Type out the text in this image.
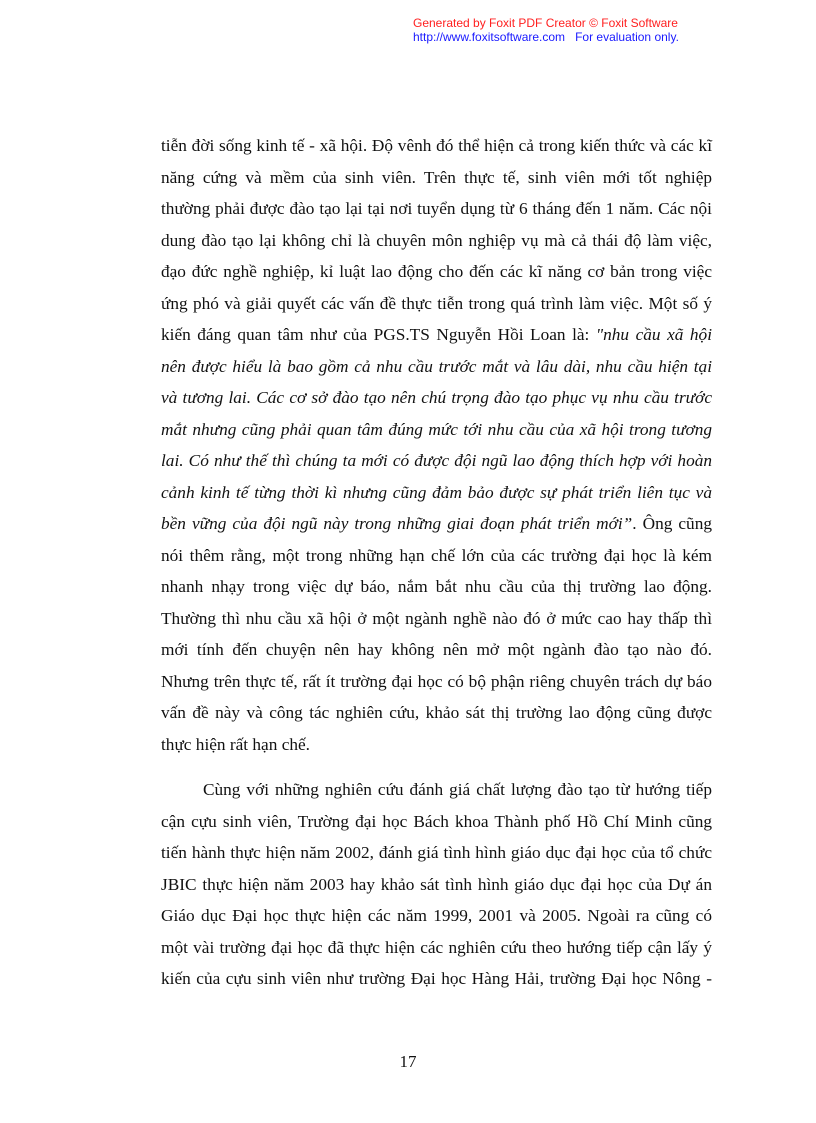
Generated by Foxit PDF Creator © Foxit Software
http://www.foxitsoftware.com For evaluation only.
tiễn đời sống kinh tế - xã hội. Độ vênh đó thể hiện cả trong kiến thức và các kĩ
năng cứng và mềm của sinh viên. Trên thực tế, sinh viên mới tốt nghiệp
thường phải được đào tạo lại tại nơi tuyển dụng từ 6 tháng đến 1 năm. Các nội
dung đào tạo lại không chỉ là chuyên môn nghiệp vụ mà cả thái độ làm việc,
đạo đức nghề nghiệp, kỉ luật lao động cho đến các kĩ năng cơ bản trong việc
ứng phó và giải quyết các vấn đề thực tiễn trong quá trình làm việc. Một số ý
kiến đáng quan tâm như của PGS.TS Nguyễn Hồi Loan là: "nhu cầu xã hội
nên được hiểu là bao gồm cả nhu cầu trước mắt và lâu dài, nhu cầu hiện tại
và tương lai. Các cơ sở đào tạo nên chú trọng đào tạo phục vụ nhu cầu trước
mắt nhưng cũng phải quan tâm đúng mức tới nhu cầu của xã hội trong tương
lai. Có như thế thì chúng ta mới có được đội ngũ lao động thích hợp với hoàn
cảnh kinh tế từng thời kì nhưng cũng đảm bảo được sự phát triển liên tục và
bền vững của đội ngũ này trong những giai đoạn phát triển mới”. Ông cũng
nói thêm rằng, một trong những hạn chế lớn của các trường đại học là kém
nhanh nhạy trong việc dự báo, nắm bắt nhu cầu của thị trường lao động.
Thường thì nhu cầu xã hội ở một ngành nghề nào đó ở mức cao hay thấp thì
mới tính đến chuyện nên hay không nên mở một ngành đào tạo nào đó.
Nhưng trên thực tế, rất ít trường đại học có bộ phận riêng chuyên trách dự báo
vấn đề này và công tác nghiên cứu, khảo sát thị trường lao động cũng được
thực hiện rất hạn chế.
Cùng với những nghiên cứu đánh giá chất lượng đào tạo từ hướng tiếp
cận cựu sinh viên, Trường đại học Bách khoa Thành phố Hồ Chí Minh cũng
tiến hành thực hiện năm 2002, đánh giá tình hình giáo dục đại học của tổ chức
JBIC thực hiện năm 2003 hay khảo sát tình hình giáo dục đại học của Dự án
Giáo dục Đại học thực hiện các năm 1999, 2001 và 2005. Ngoài ra cũng có
một vài trường đại học đã thực hiện các nghiên cứu theo hướng tiếp cận lấy ý
kiến của cựu sinh viên như trường Đại học Hàng Hải, trường Đại học Nông -
17
